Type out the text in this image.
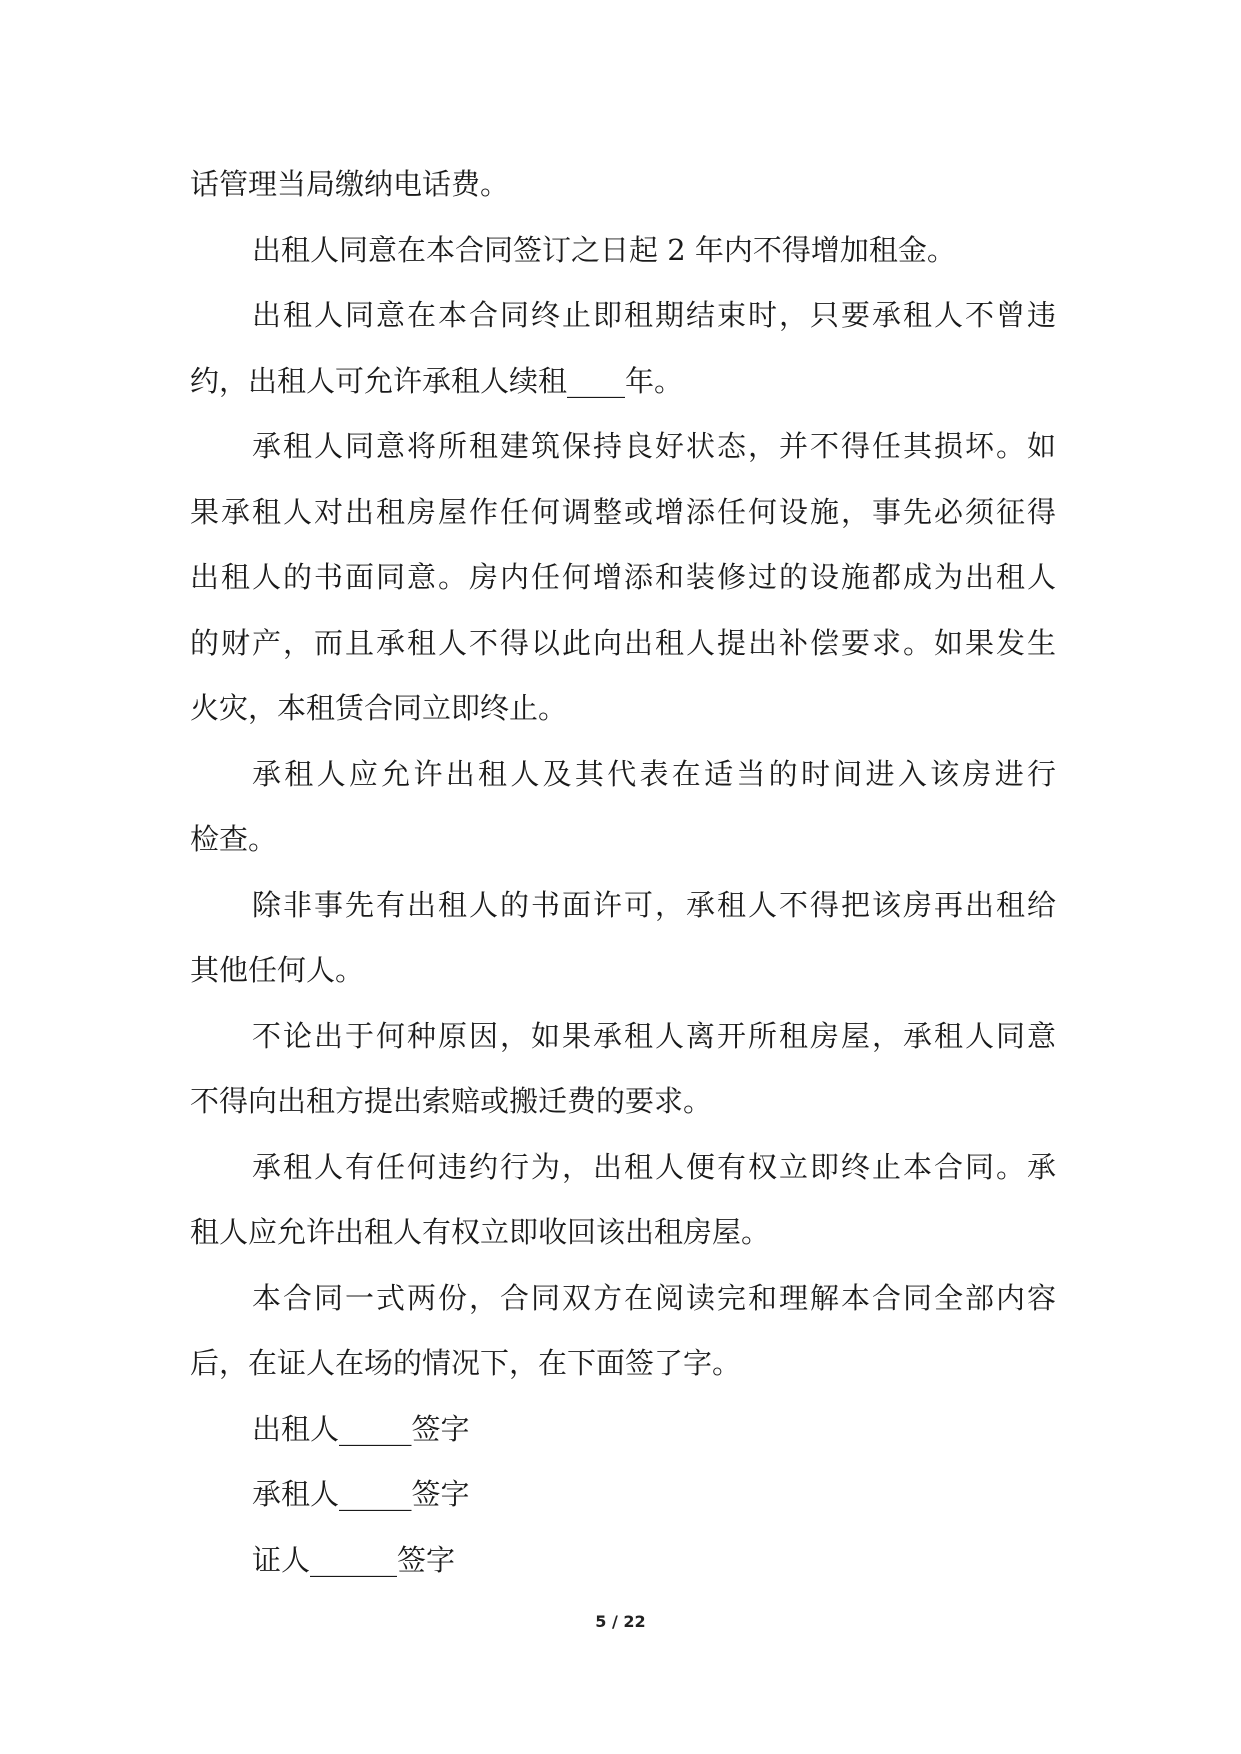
话管理当局缴纳电话费。
出租人同意在本合同签订之日起 2 年内不得增加租金。
出租人同意在本合同终止即租期结束时，只要承租人不曾违
约，出租人可允许承租人续租____年。
承租人同意将所租建筑保持良好状态，并不得任其损坏。如
果承租人对出租房屋作任何调整或增添任何设施，事先必须征得
出租人的书面同意。房内任何增添和装修过的设施都成为出租人
的财产，而且承租人不得以此向出租人提出补偿要求。如果发生
火灾，本租赁合同立即终止。
承租人应允许出租人及其代表在适当的时间进入该房进行
检查。
除非事先有出租人的书面许可，承租人不得把该房再出租给
其他任何人。
不论出于何种原因，如果承租人离开所租房屋，承租人同意
不得向出租方提出索赔或搬迁费的要求。
承租人有任何违约行为，出租人便有权立即终止本合同。承
租人应允许出租人有权立即收回该出租房屋。
本合同一式两份，合同双方在阅读完和理解本合同全部内容
后，在证人在场的情况下，在下面签了字。
出租人_____签字
承租人_____签字
证人______签字
5 / 22
